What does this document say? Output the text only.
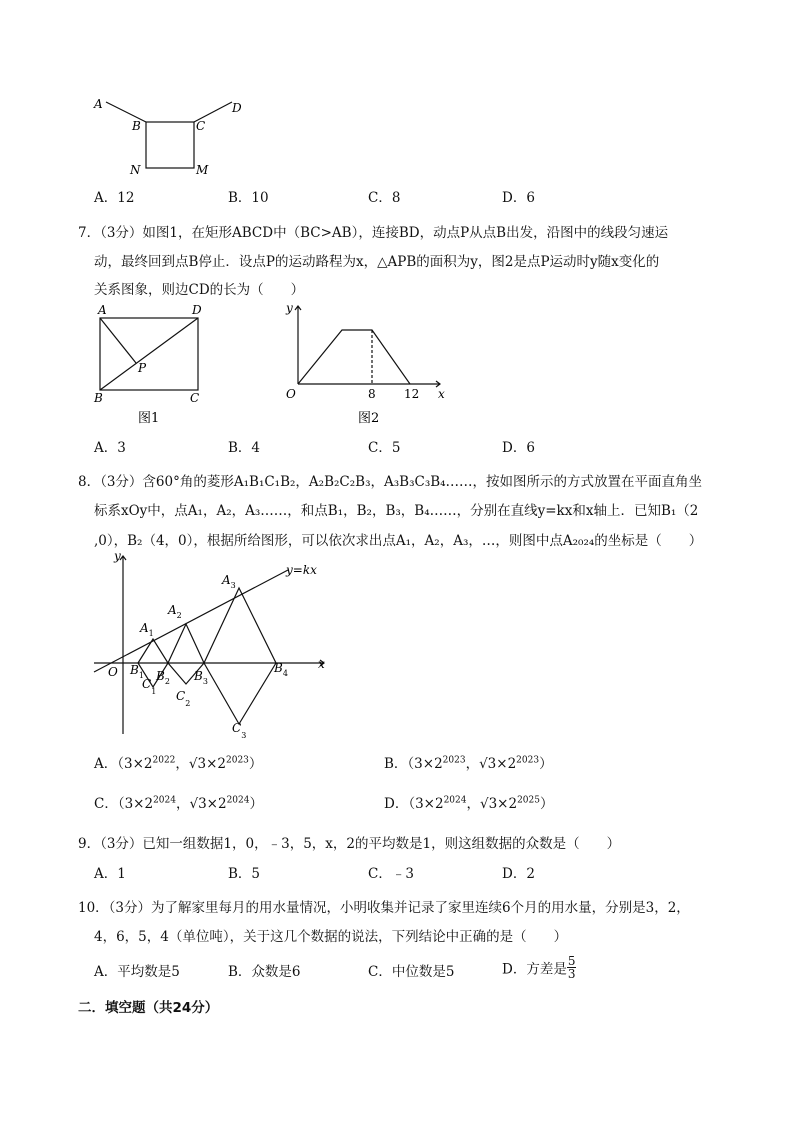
A
B	C
D
N	M
A．12	B．10	C．8	D．6
7．（3分）如图1，在矩形ABCD中（BC>AB），连接BD，动点P从点B出发，沿图中的线段匀速运
动，最终回到点B停止．设点P的运动路程为x，△APB的面积为y，图2是点P运动时y随x变化的
关系图象，则边CD的长为（　　）
A	D
P
B	C
图1
y
O	8 12 x
图2
A．3	B．4	C．5	D．6
8．（3分）含60°角的菱形A₁B₁C₁B₂，A₂B₂C₂B₃，A₃B₃C₃B₄……，按如图所示的方式放置在平面直角坐
标系xOy中，点A₁，A₂，A₃……，和点B₁，B₂，B₃，B₄……，分别在直线y=kx和x轴上．已知B₁（2
,0），B₂（4，0），根据所给图形，可以依次求出点A₁，A₂，A₃，…，则图中点A₂₀₂₄的坐标是（　　）
y
x
y=kx
O
$A_1$
$A_2$
$A_3$
$B_1$ $B_2$ $B_3$
$B_4$
$C_1$ $C_2$
$C_3$
A．（$3\times 2^{2022}$，$√3\times 2^{2023}$）	B．（$3\times 2^{2023}$，$√3\times 2^{2023}$）
C．（$3\times 2^{2024}$，$√3\times 2^{2024}$）	D．（$3\times 2^{2024}$，$√3\times 2^{2025}$）
9．（3分）已知一组数据1，0，﹣3，5，x，2的平均数是1，则这组数据的众数是（　　）
A．1	B．5	C．﹣3	D．2
10．（3分）为了解家里每月的用水量情况，小明收集并记录了家里连续6个月的用水量，分别是3，2，
4，6，5，4（单位吨），关于这几个数据的说法，下列结论中正确的是（　　）
A．平均数是5	B．众数是6	C．中位数是5	D．方差是 $\frac{5}{3}$
二．填空题（共24分）
